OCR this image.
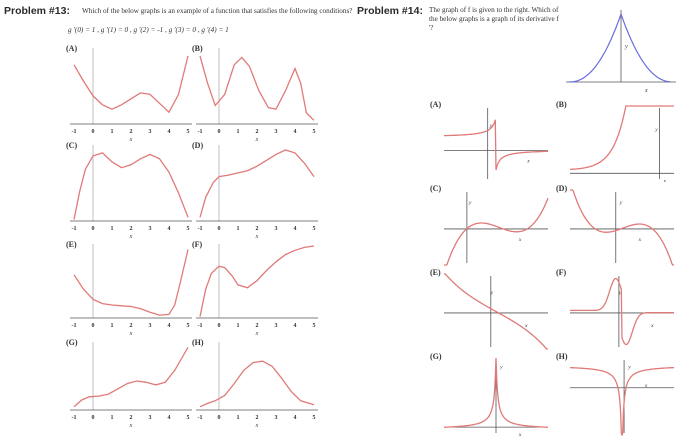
Problem #13: Which of the below graphs is an example of a function that satisfies the following conditions?
g '(0) = 1 , g '(1) = 0 , g '(2) = -1 , g '(3) = 0 , g '(4) = 1
Problem #14: The graph of f is given to the right. Which of the below graphs is a graph of its derivative f '?
(A)
-1	0	1	2	3	4	5
x
(B)
-1	0	1	2	3	4	5
x
(C)
-1	0	1	2	3	4	5
x
(D)
-1	0	1	2	3	4	5
x
(E)
-1	0	1	2	3	4	5
x
(F)
-1	0	1	2	3	4	5
x
(G)
-1	0	1	2	3	4	5
x
(H)
-1	0	1	2	3	4	5
x
y
x
(A)
y
x
(B)
y
x
(C)
y
x
(D)
y
x
(E)
y
x
(F)
y
x
(G)
y
x
(H)
y
x
